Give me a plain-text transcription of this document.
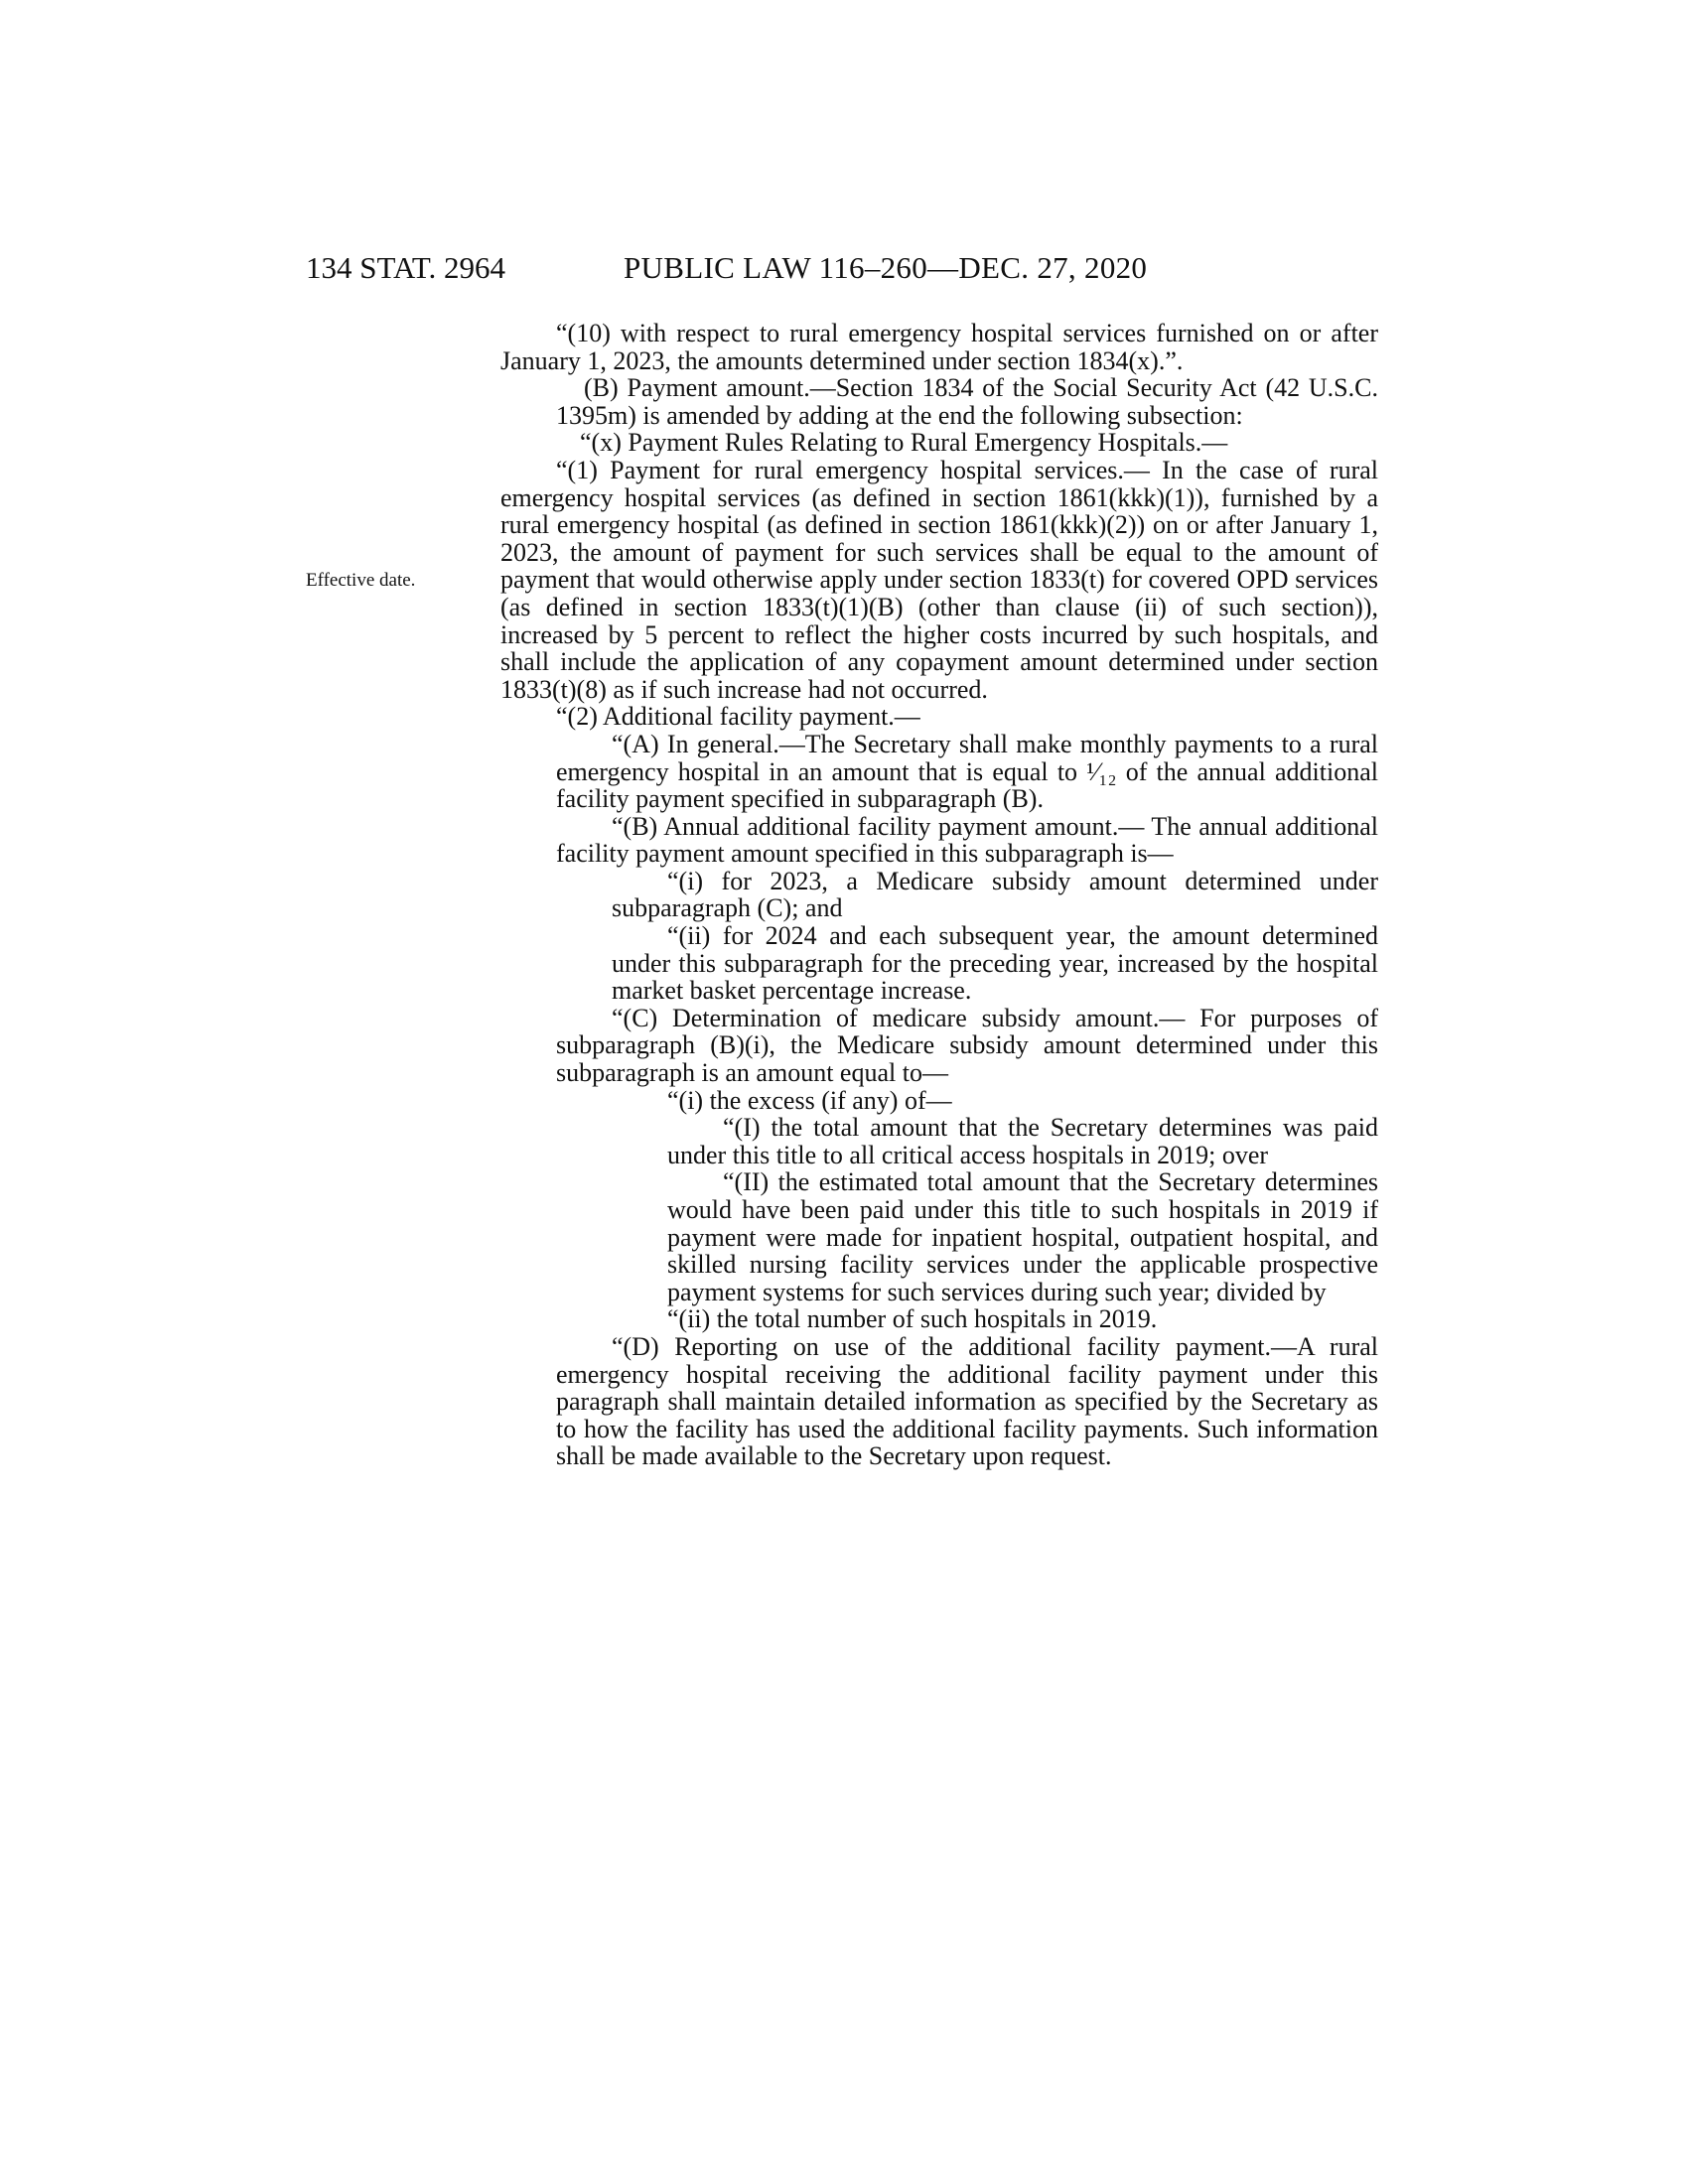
134 STAT. 2964	PUBLIC LAW 116–260—DEC. 27, 2020
Effective date.

“(10) with respect to rural emergency hospital services furnished on or after January 1, 2023, the amounts determined under section 1834(x).”.

(B) Payment amount.—Section 1834 of the Social Security Act (42 U.S.C. 1395m) is amended by adding at the end the following subsection:

“(x) Payment Rules Relating to Rural Emergency Hospitals.—

“(1) Payment for rural emergency hospital services.— In the case of rural emergency hospital services (as defined in section 1861(kkk)(1)), furnished by a rural emergency hospital (as defined in section 1861(kkk)(2)) on or after January 1, 2023, the amount of payment for such services shall be equal to the amount of payment that would otherwise apply under section 1833(t) for covered OPD services (as defined in section 1833(t)(1)(B) (other than clause (ii) of such section)), increased by 5 percent to reflect the higher costs incurred by such hospitals, and shall include the application of any copayment amount determined under section 1833(t)(8) as if such increase had not occurred.

“(2) Additional facility payment.—

“(A) In general.—The Secretary shall make monthly payments to a rural emergency hospital in an amount that is equal to ¹⁄₁₂ of the annual additional facility payment specified in subparagraph (B).

“(B) Annual additional facility payment amount.— The annual additional facility payment amount specified in this subparagraph is—

“(i) for 2023, a Medicare subsidy amount determined under subparagraph (C); and

“(ii) for 2024 and each subsequent year, the amount determined under this subparagraph for the preceding year, increased by the hospital market basket percentage increase.

“(C) Determination of medicare subsidy amount.— For purposes of subparagraph (B)(i), the Medicare subsidy amount determined under this subparagraph is an amount equal to—

“(i) the excess (if any) of—

“(I) the total amount that the Secretary determines was paid under this title to all critical access hospitals in 2019; over

“(II) the estimated total amount that the Secretary determines would have been paid under this title to such hospitals in 2019 if payment were made for inpatient hospital, outpatient hospital, and skilled nursing facility services under the applicable prospective payment systems for such services during such year; divided by

“(ii) the total number of such hospitals in 2019.

“(D) Reporting on use of the additional facility payment.—A rural emergency hospital receiving the additional facility payment under this paragraph shall maintain detailed information as specified by the Secretary as to how the facility has used the additional facility payments. Such information shall be made available to the Secretary upon request.
